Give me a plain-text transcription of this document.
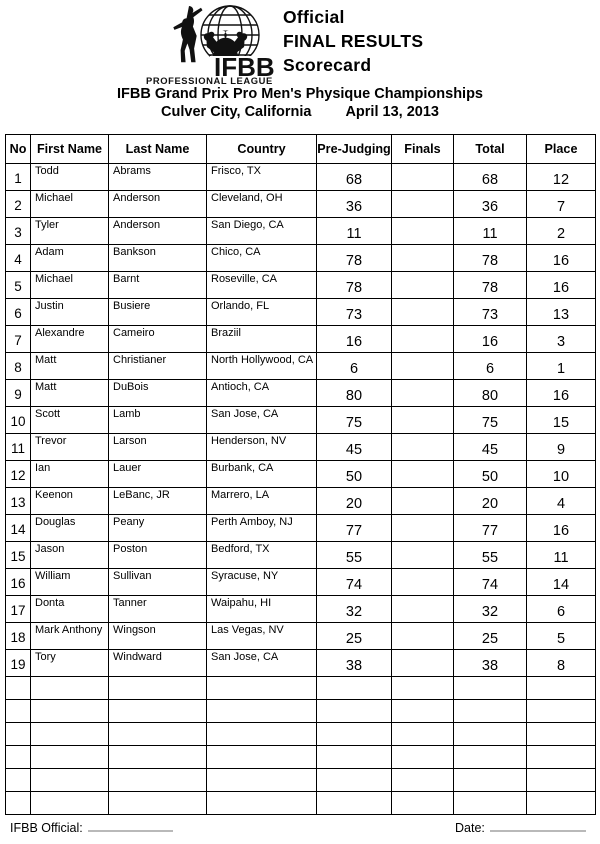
IFBB
PROFESSIONAL LEAGUE
Official
FINAL RESULTS
Scorecard
IFBB Grand Prix Pro Men's Physique Championships
Culver City, California April 13, 2013
No	First Name	Last Name	Country	Pre-Judging	Finals	Total	Place
1	Todd	Abrams	Frisco, TX	68		68	12
2	Michael	Anderson	Cleveland, OH	36		36	7
3	Tyler	Anderson	San Diego, CA	11		11	2
4	Adam	Bankson	Chico, CA	78		78	16
5	Michael	Barnt	Roseville, CA	78		78	16
6	Justin	Busiere	Orlando, FL	73		73	13
7	Alexandre	Cameiro	Braziil	16		16	3
8	Matt	Christianer	North Hollywood, CA	6		6	1
9	Matt	DuBois	Antioch, CA	80		80	16
10	Scott	Lamb	San Jose, CA	75		75	15
11	Trevor	Larson	Henderson, NV	45		45	9
12	Ian	Lauer	Burbank, CA	50		50	10
13	Keenon	LeBanc, JR	Marrero, LA	20		20	4
14	Douglas	Peany	Perth Amboy, NJ	77		77	16
15	Jason	Poston	Bedford, TX	55		55	11
16	William	Sullivan	Syracuse, NY	74		74	14
17	Donta	Tanner	Waipahu, HI	32		32	6
18	Mark Anthony	Wingson	Las Vegas, NV	25		25	5
19	Tory	Windward	San Jose, CA	38		38	8

IFBB Official:	Date:
